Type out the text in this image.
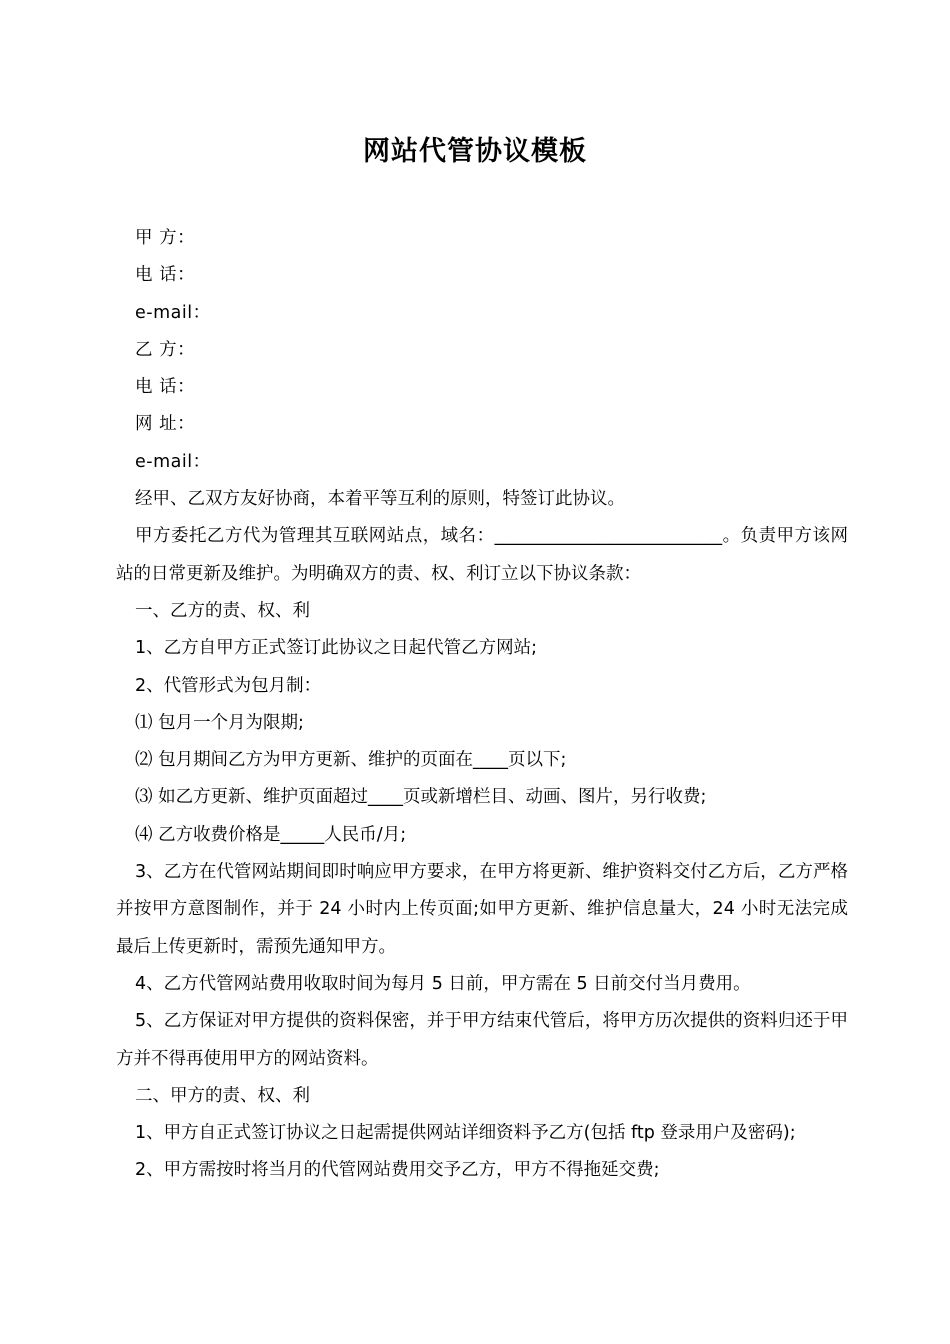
网站代管协议模板

甲 方：

电 话：

e-mail：

乙 方：

电 话：

网 址：

e-mail：

经甲、乙双方友好协商，本着平等互利的原则，特签订此协议。

甲方委托乙方代为管理其互联网站点，域名：__________________________。负责甲方该网站的日常更新及维护。为明确双方的责、权、利订立以下协议条款：

一、乙方的责、权、利

1、乙方自甲方正式签订此协议之日起代管乙方网站;

2、代管形式为包月制：

⑴ 包月一个月为限期;

⑵ 包月期间乙方为甲方更新、维护的页面在____页以下;

⑶ 如乙方更新、维护页面超过____页或新增栏目、动画、图片，另行收费;

⑷ 乙方收费价格是_____人民币/月;

3、乙方在代管网站期间即时响应甲方要求，在甲方将更新、维护资料交付乙方后，乙方严格并按甲方意图制作，并于 24 小时内上传页面;如甲方更新、维护信息量大，24 小时无法完成最后上传更新时，需预先通知甲方。

4、乙方代管网站费用收取时间为每月 5 日前，甲方需在 5 日前交付当月费用。

5、乙方保证对甲方提供的资料保密，并于甲方结束代管后，将甲方历次提供的资料归还于甲方并不得再使用甲方的网站资料。

二、甲方的责、权、利

1、甲方自正式签订协议之日起需提供网站详细资料予乙方(包括 ftp 登录用户及密码);

2、甲方需按时将当月的代管网站费用交予乙方，甲方不得拖延交费;
